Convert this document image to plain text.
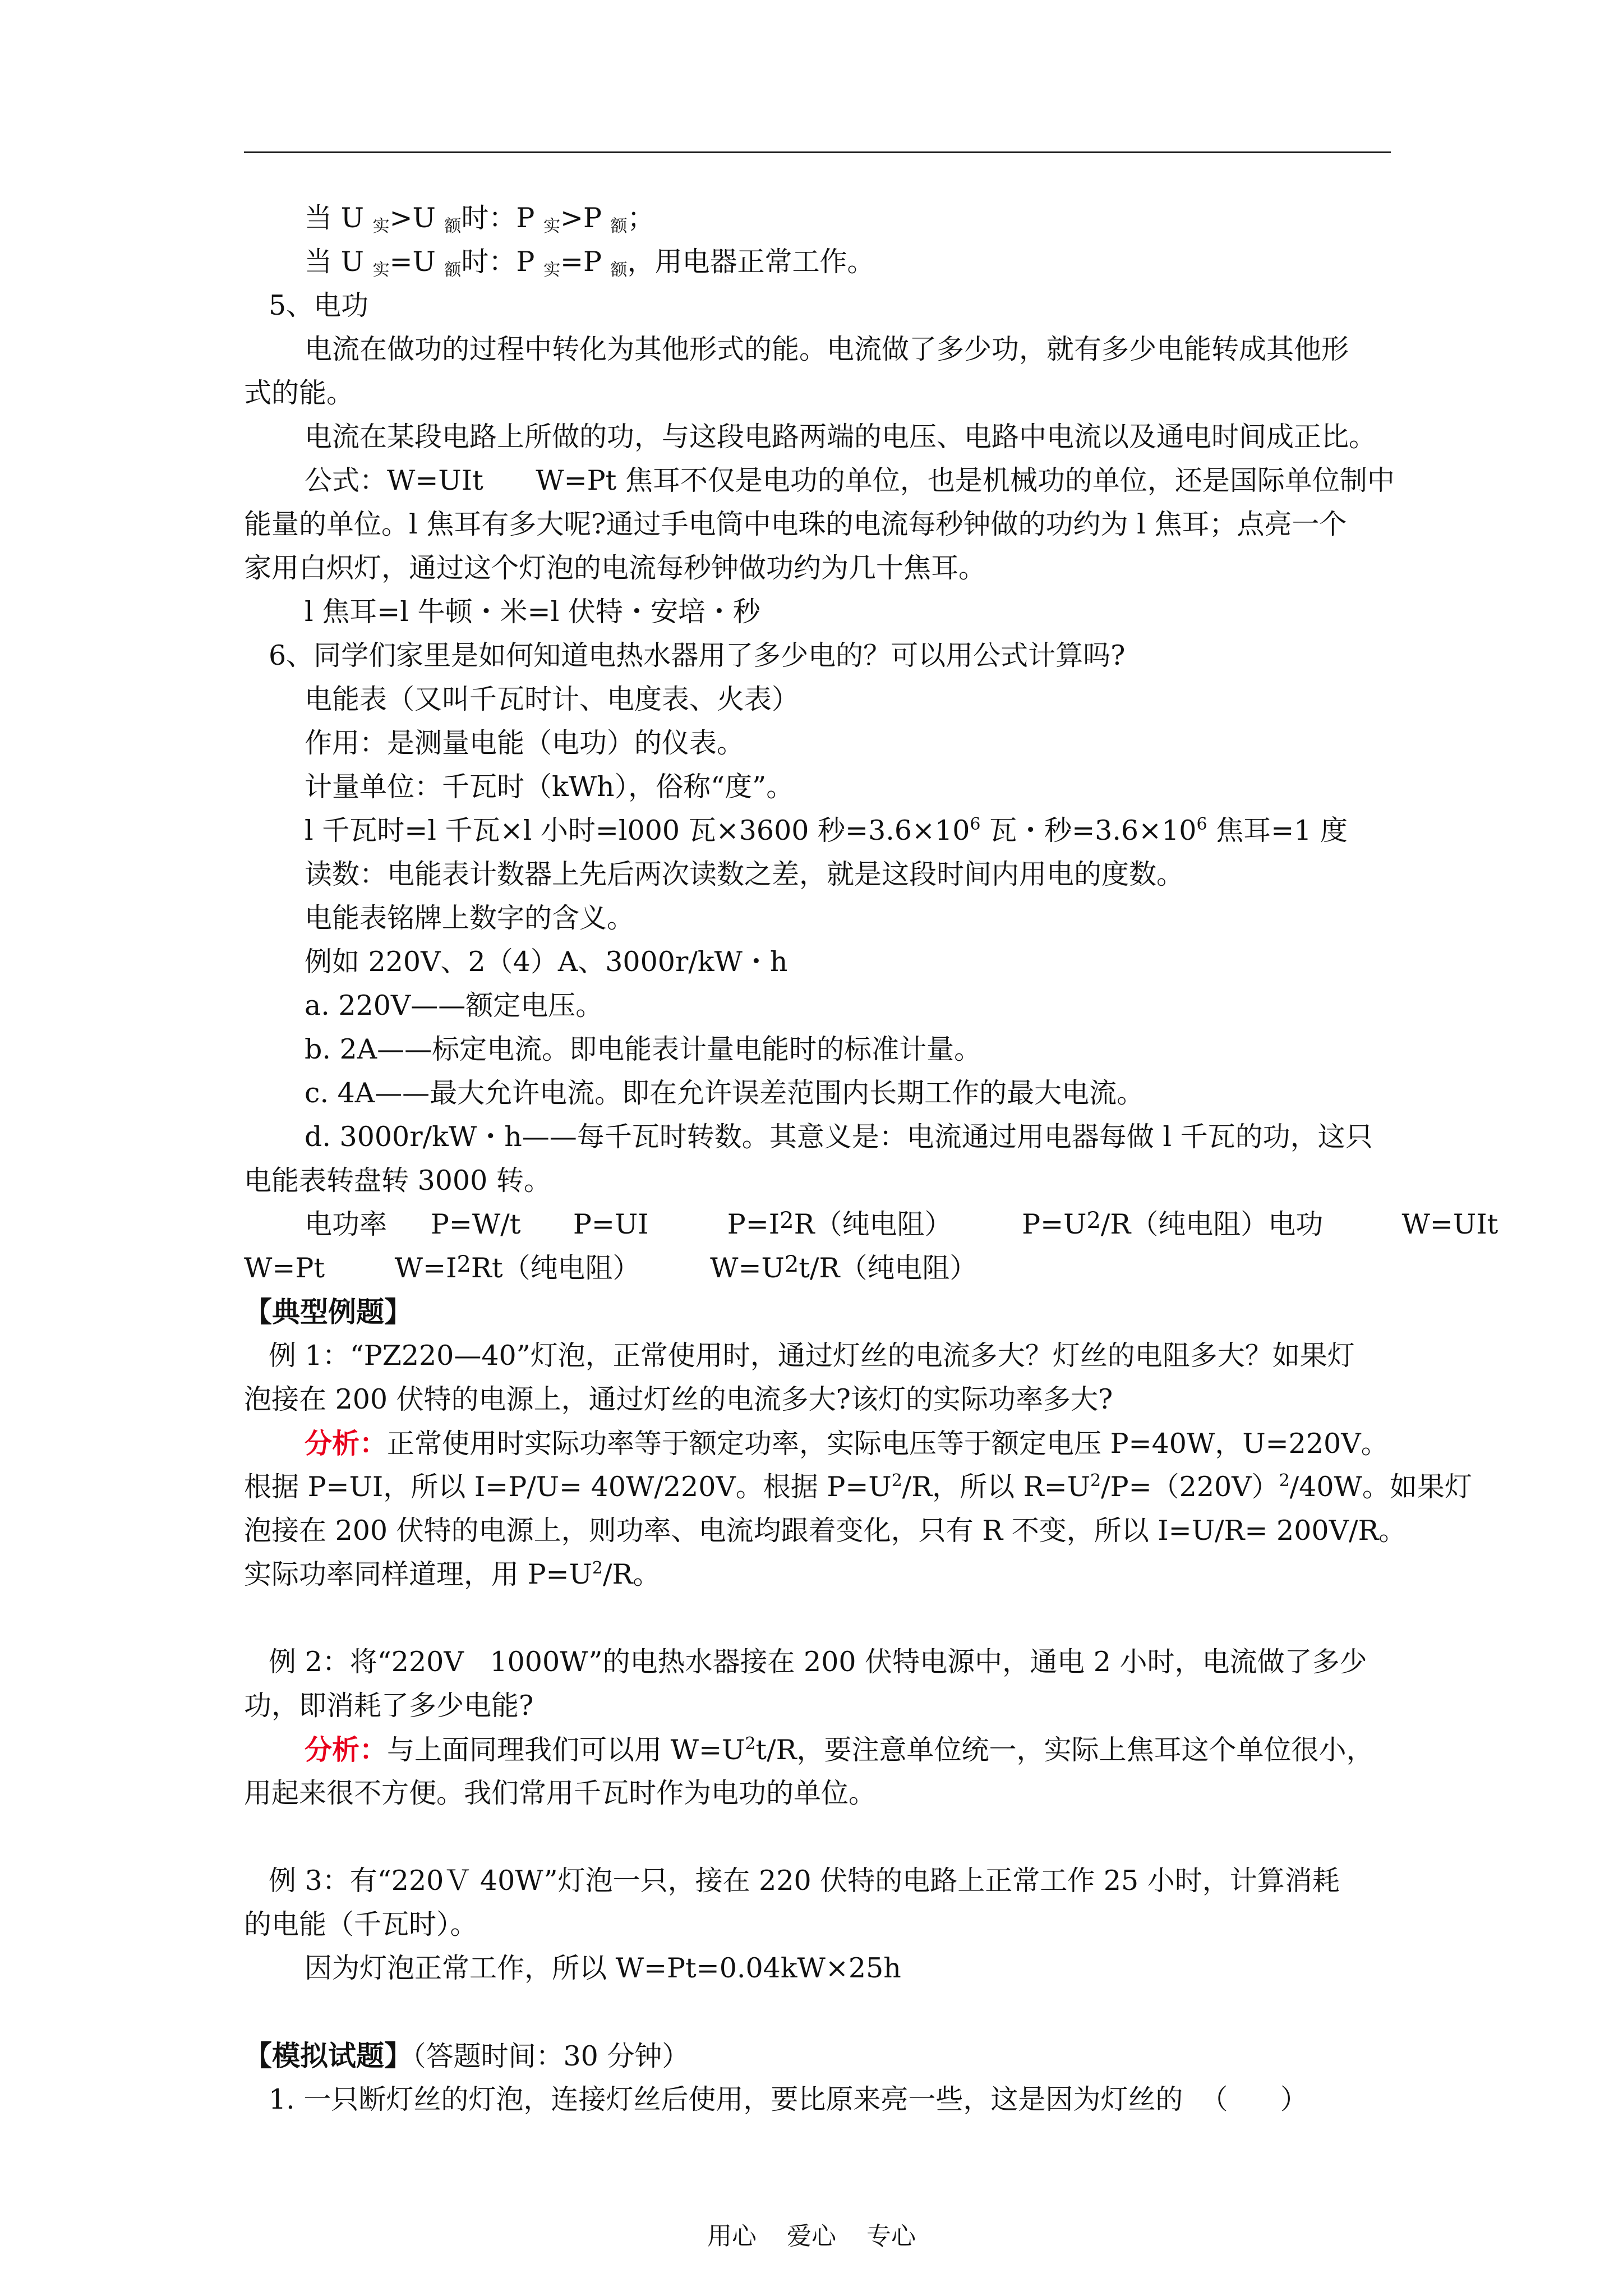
当 U 实>U 额时：P 实>P 额；
当 U 实=U 额时：P 实=P 额，用电器正常工作。
5、电功
电流在做功的过程中转化为其他形式的能。电流做了多少功，就有多少电能转成其他形
式的能。
电流在某段电路上所做的功，与这段电路两端的电压、电路中电流以及通电时间成正比。
公式：W=UIt      W=Pt 焦耳不仅是电功的单位，也是机械功的单位，还是国际单位制中
能量的单位。l 焦耳有多大呢?通过手电筒中电珠的电流每秒钟做的功约为 l 焦耳；点亮一个
家用白炽灯，通过这个灯泡的电流每秒钟做功约为几十焦耳。
l 焦耳=l 牛顿・米=l 伏特・安培・秒
6、同学们家里是如何知道电热水器用了多少电的？可以用公式计算吗?
电能表（又叫千瓦时计、电度表、火表）
作用：是测量电能（电功）的仪表。
计量单位：千瓦时（kWh），俗称“度”。
l 千瓦时=l 千瓦×l 小时=l000 瓦×3600 秒$=3.6\times 10^6$ 瓦・秒$=3.6\times 10^6$ 焦耳=1 度
读数：电能表计数器上先后两次读数之差，就是这段时间内用电的度数。
电能表铭牌上数字的含义。
例如 220V、2（4）A、3000r/kW・h
a. 220V——额定电压。
b. 2A——标定电流。即电能表计量电能时的标准计量。
c. 4A——最大允许电流。即在允许误差范围内长期工作的最大电流。
d. 3000r/kW・h——每千瓦时转数。其意义是：电流通过用电器每做 l 千瓦的功，这只
电能表转盘转 3000 转。
电功率     P=W/t      P=UI         $P=I^2R$（纯电阻）        $P=U^2/R$（纯电阻）电功         W=UIt
W=Pt        $W=I^2Rt$（纯电阻）        $W=U^2t/R$（纯电阻）
【典型例题】
例 1：“PZ220—40”灯泡，正常使用时，通过灯丝的电流多大？灯丝的电阻多大？如果灯
泡接在 200 伏特的电源上，通过灯丝的电流多大?该灯的实际功率多大?
分析：正常使用时实际功率等于额定功率，实际电压等于额定电压 P=40W，U=220V。
根据 P=UI，所以 I=P/U= 40W/220V。根据 $P=U^2/R$，所以 $R=U^2/P=(220V)^2/40W$。如果灯
泡接在 200 伏特的电源上，则功率、电流均跟着变化，只有 R 不变，所以 I=U/R= 200V/R。
实际功率同样道理，用 $P=U^2/R$。
例 2：将“220V   1000W”的电热水器接在 200 伏特电源中，通电 2 小时，电流做了多少
功，即消耗了多少电能?
分析：与上面同理我们可以用 $W=U^2t/R$，要注意单位统一，实际上焦耳这个单位很小，
用起来很不方便。我们常用千瓦时作为电功的单位。
例 3：有“220Ｖ 40W”灯泡一只，接在 220 伏特的电路上正常工作 25 小时，计算消耗
的电能（千瓦时）。
因为灯泡正常工作，所以 W=Pt=0.04kW×25h
【模拟试题】（答题时间：30 分钟）
1. 一只断灯丝的灯泡，连接灯丝后使用，要比原来亮一些，这是因为灯丝的  （      ）
用心 爱心 专心
